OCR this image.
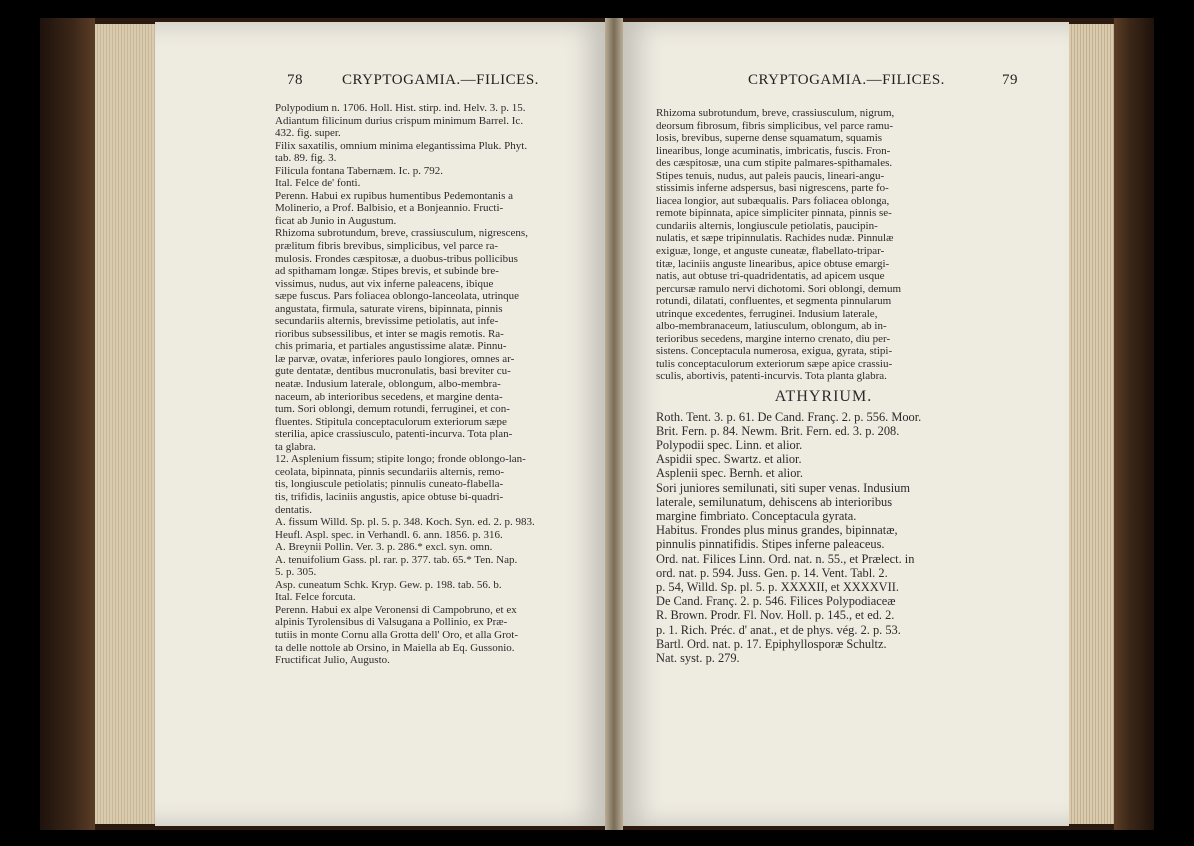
78	CRYPTOGAMIA.—FILICES.

Polypodium n. 1706. Holl. Hist. stirp. ind. Helv. 3. p. 15.

Adiantum filicinum durius crispum minimum Barrel. Ic.

432. fig. super.

Filix saxatilis, omnium minima elegantissima Pluk. Phyt.

tab. 89. fig. 3.

Filicula fontana Tabernæm. Ic. p. 792.

Ital. Felce de' fonti.

Perenn. Habui ex rupibus humentibus Pedemontanis a

Molinerio, a Prof. Balbisio, et a Bonjeannio. Fructi-

ficat ab Junio in Augustum.

Rhizoma subrotundum, breve, crassiusculum, nigrescens,

prælitum fibris brevibus, simplicibus, vel parce ra-

mulosis. Frondes cæspitosæ, a duobus-tribus pollicibus

ad spithamam longæ. Stipes brevis, et subinde bre-

vissimus, nudus, aut vix inferne paleacens, ibique

sæpe fuscus. Pars foliacea oblongo-lanceolata, utrinque

angustata, firmula, saturate virens, bipinnata, pinnis

secundariis alternis, brevissime petiolatis, aut infe-

rioribus subsessilibus, et inter se magis remotis. Ra-

chis primaria, et partiales angustissime alatæ. Pinnu-

læ parvæ, ovatæ, inferiores paulo longiores, omnes ar-

gute dentatæ, dentibus mucronulatis, basi breviter cu-

neatæ. Indusium laterale, oblongum, albo-membra-

naceum, ab interioribus secedens, et margine denta-

tum. Sori oblongi, demum rotundi, ferruginei, et con-

fluentes. Stipitula conceptaculorum exteriorum sæpe

sterilia, apice crassiusculo, patenti-incurva. Tota plan-

ta glabra.

12. Asplenium fissum; stipite longo; fronde oblongo-lan-

ceolata, bipinnata, pinnis secundariis alternis, remo-

tis, longiuscule petiolatis; pinnulis cuneato-flabella-

tis, trifidis, laciniis angustis, apice obtuse bi-quadri-

dentatis.

A. fissum Willd. Sp. pl. 5. p. 348. Koch. Syn. ed. 2. p. 983.

Heufl. Aspl. spec. in Verhandl. 6. ann. 1856. p. 316.

A. Breynii Pollin. Ver. 3. p. 286.* excl. syn. omn.

A. tenuifolium Gass. pl. rar. p. 377. tab. 65.* Ten. Nap.

5. p. 305.

Asp. cuneatum Schk. Kryp. Gew. p. 198. tab. 56. b.

Ital. Felce forcuta.

Perenn. Habui ex alpe Veronensi di Campobruno, et ex

alpinis Tyrolensibus di Valsugana a Pollinio, ex Præ-

tutiis in monte Cornu alla Grotta dell' Oro, et alla Grot-

ta delle nottole ab Orsino, in Maiella ab Eq. Gussonio.

Fructificat Julio, Augusto.

CRYPTOGAMIA.—FILICES.	79

Rhizoma subrotundum, breve, crassiusculum, nigrum,

deorsum fibrosum, fibris simplicibus, vel parce ramu-

losis, brevibus, superne dense squamatum, squamis

linearibus, longe acuminatis, imbricatis, fuscis. Fron-

des cæspitosæ, una cum stipite palmares-spithamales.

Stipes tenuis, nudus, aut paleis paucis, lineari-angu-

stissimis inferne adspersus, basi nigrescens, parte fo-

liacea longior, aut subæqualis. Pars foliacea oblonga,

remote bipinnata, apice simpliciter pinnata, pinnis se-

cundariis alternis, longiuscule petiolatis, paucipin-

nulatis, et sæpe tripinnulatis. Rachides nudæ. Pinnulæ

exiguæ, longe, et anguste cuneatæ, flabellato-tripar-

titæ, laciniis anguste linearibus, apice obtuse emargi-

natis, aut obtuse tri-quadridentatis, ad apicem usque

percursæ ramulo nervi dichotomi. Sori oblongi, demum

rotundi, dilatati, confluentes, et segmenta pinnularum

utrinque excedentes, ferruginei. Indusium laterale,

albo-membranaceum, latiusculum, oblongum, ab in-

terioribus secedens, margine interno crenato, diu per-

sistens. Conceptacula numerosa, exigua, gyrata, stipi-

tulis conceptaculorum exteriorum sæpe apice crassiu-

sculis, abortivis, patenti-incurvis. Tota planta glabra.

ATHYRIUM.

Roth. Tent. 3. p. 61. De Cand. Franç. 2. p. 556. Moor.

Brit. Fern. p. 84. Newm. Brit. Fern. ed. 3. p. 208.

Polypodii spec. Linn. et alior.

Aspidii spec. Swartz. et alior.

Asplenii spec. Bernh. et alior.

Sori juniores semilunati, siti super venas. Indusium

laterale, semilunatum, dehiscens ab interioribus

margine fimbriato. Conceptacula gyrata.

Habitus. Frondes plus minus grandes, bipinnatæ,

pinnulis pinnatifidis. Stipes inferne paleaceus.

Ord. nat. Filices Linn. Ord. nat. n. 55., et Prælect. in

ord. nat. p. 594. Juss. Gen. p. 14. Vent. Tabl. 2.

p. 54, Willd. Sp. pl. 5. p. XXXXII, et XXXXVII.

De Cand. Franç. 2. p. 546. Filices Polypodiaceæ

R. Brown. Prodr. Fl. Nov. Holl. p. 145., et ed. 2.

p. 1. Rich. Préc. d' anat., et de phys. vég. 2. p. 53.

Bartl. Ord. nat. p. 17. Epiphyllosporæ Schultz.

Nat. syst. p. 279.
